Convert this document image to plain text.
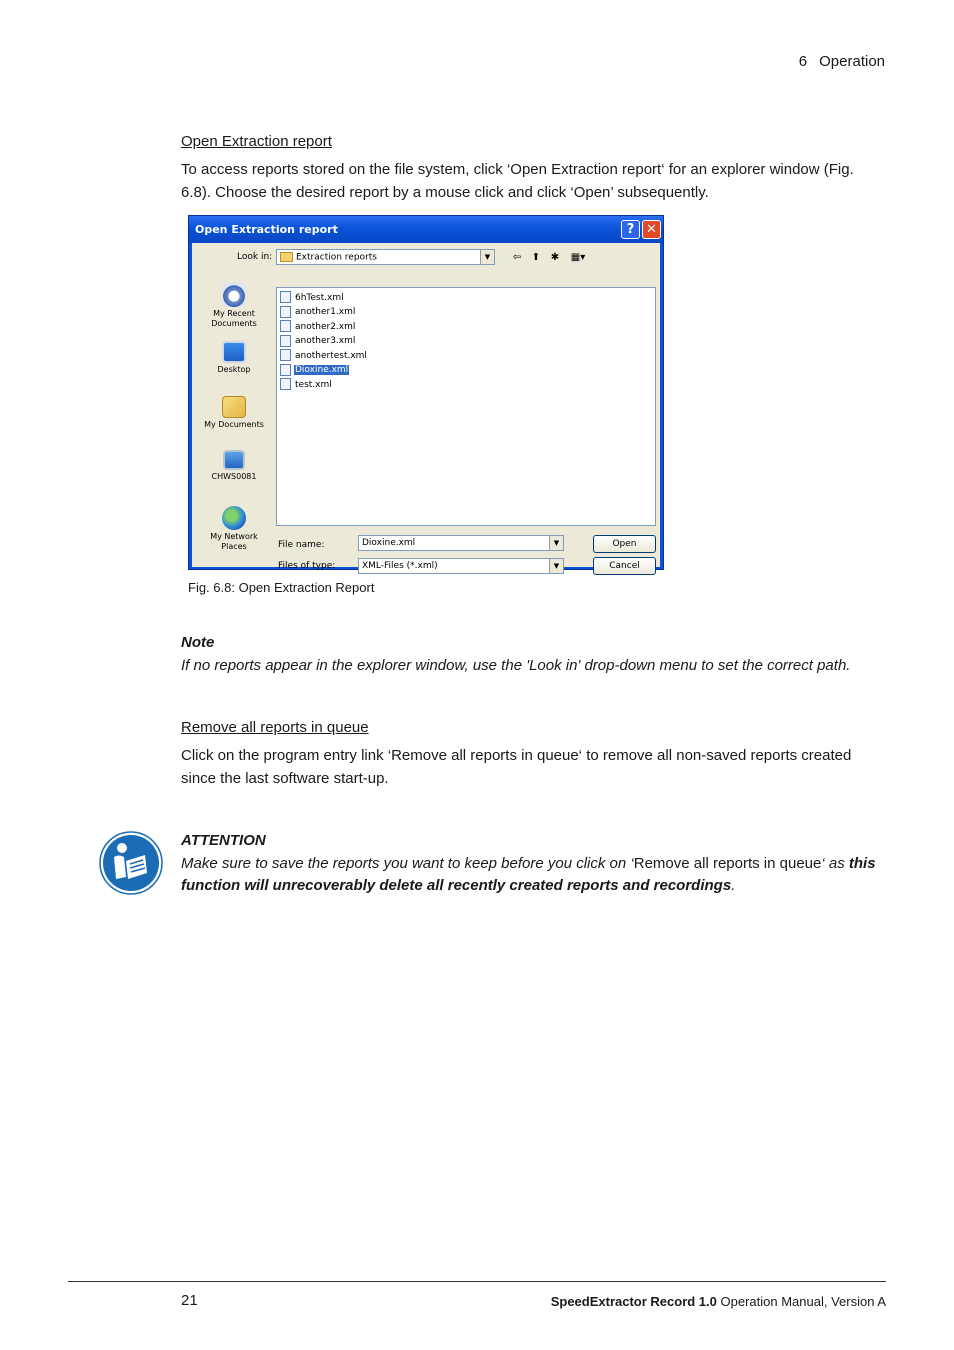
6 Operation
Open Extraction report
To access reports stored on the file system, click ‘Open Extraction report‘ for an explorer window (Fig. 6.8). Choose the desired report by a mouse click and click ‘Open’ subsequently.
Open Extraction report	? ✕
Look in:	Extraction reports	▼	⇦ ⬆ ✱ ▦▾
My Recent Documents
Desktop
My Documents
CHWS0081
My Network Places
6hTest.xml
another1.xml
another2.xml
another3.xml
anothertest.xml
Dioxine.xml
test.xml
File name:	Dioxine.xml	▼
Files of type:	XML-Files (*.xml)	▼
Open
Cancel
Fig. 6.8: Open Extraction Report
Note
If no reports appear in the explorer window, use the 'Look in' drop-down menu to set the correct path.
Remove all reports in queue
Click on the program entry link ‘Remove all reports in queue‘ to remove all non-saved reports created since the last software start-up.
ATTENTION
Make sure to save the reports you want to keep before you click on ‘Remove all reports in queue‘ as this function will unrecoverably delete all recently created reports and recordings.
21	SpeedExtractor Record 1.0 Operation Manual, Version A
